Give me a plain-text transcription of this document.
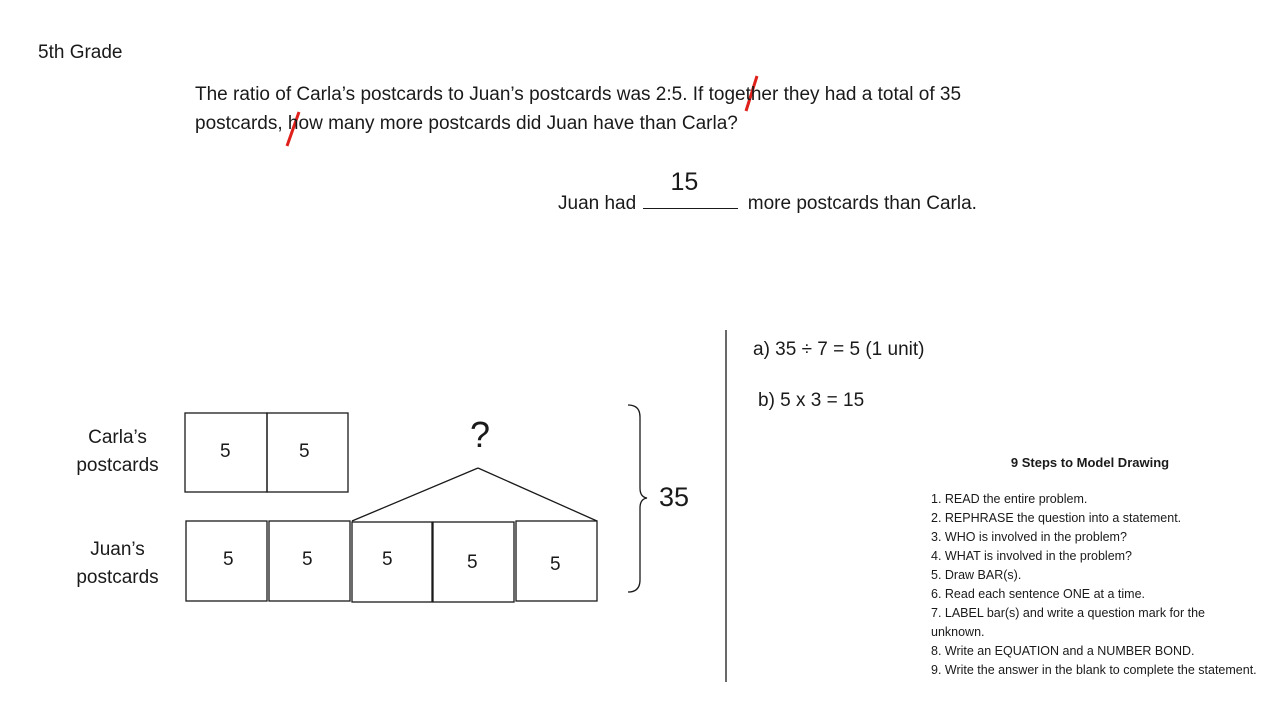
5th Grade
The ratio of Carla’s postcards to Juan’s postcards was 2:5. If together they had a total of 35
postcards, how many more postcards did Juan have than Carla?
Juan had
15
more postcards than Carla.
Carla’s postcards
Juan’s postcards
5	5
5	5	5	5	5
?
35
a) 35 ÷ 7 = 5 (1 unit)
b) 5 x 3 = 15
9 Steps to Model Drawing
1. READ the entire problem.
2. REPHRASE the question into a statement.
3. WHO is involved in the problem?
4. WHAT is involved in the problem?
5. Draw BAR(s).
6. Read each sentence ONE at a time.
7. LABEL bar(s) and write a question mark for the unknown.
8. Write an EQUATION and a NUMBER BOND.
9. Write the answer in the blank to complete the statement.
